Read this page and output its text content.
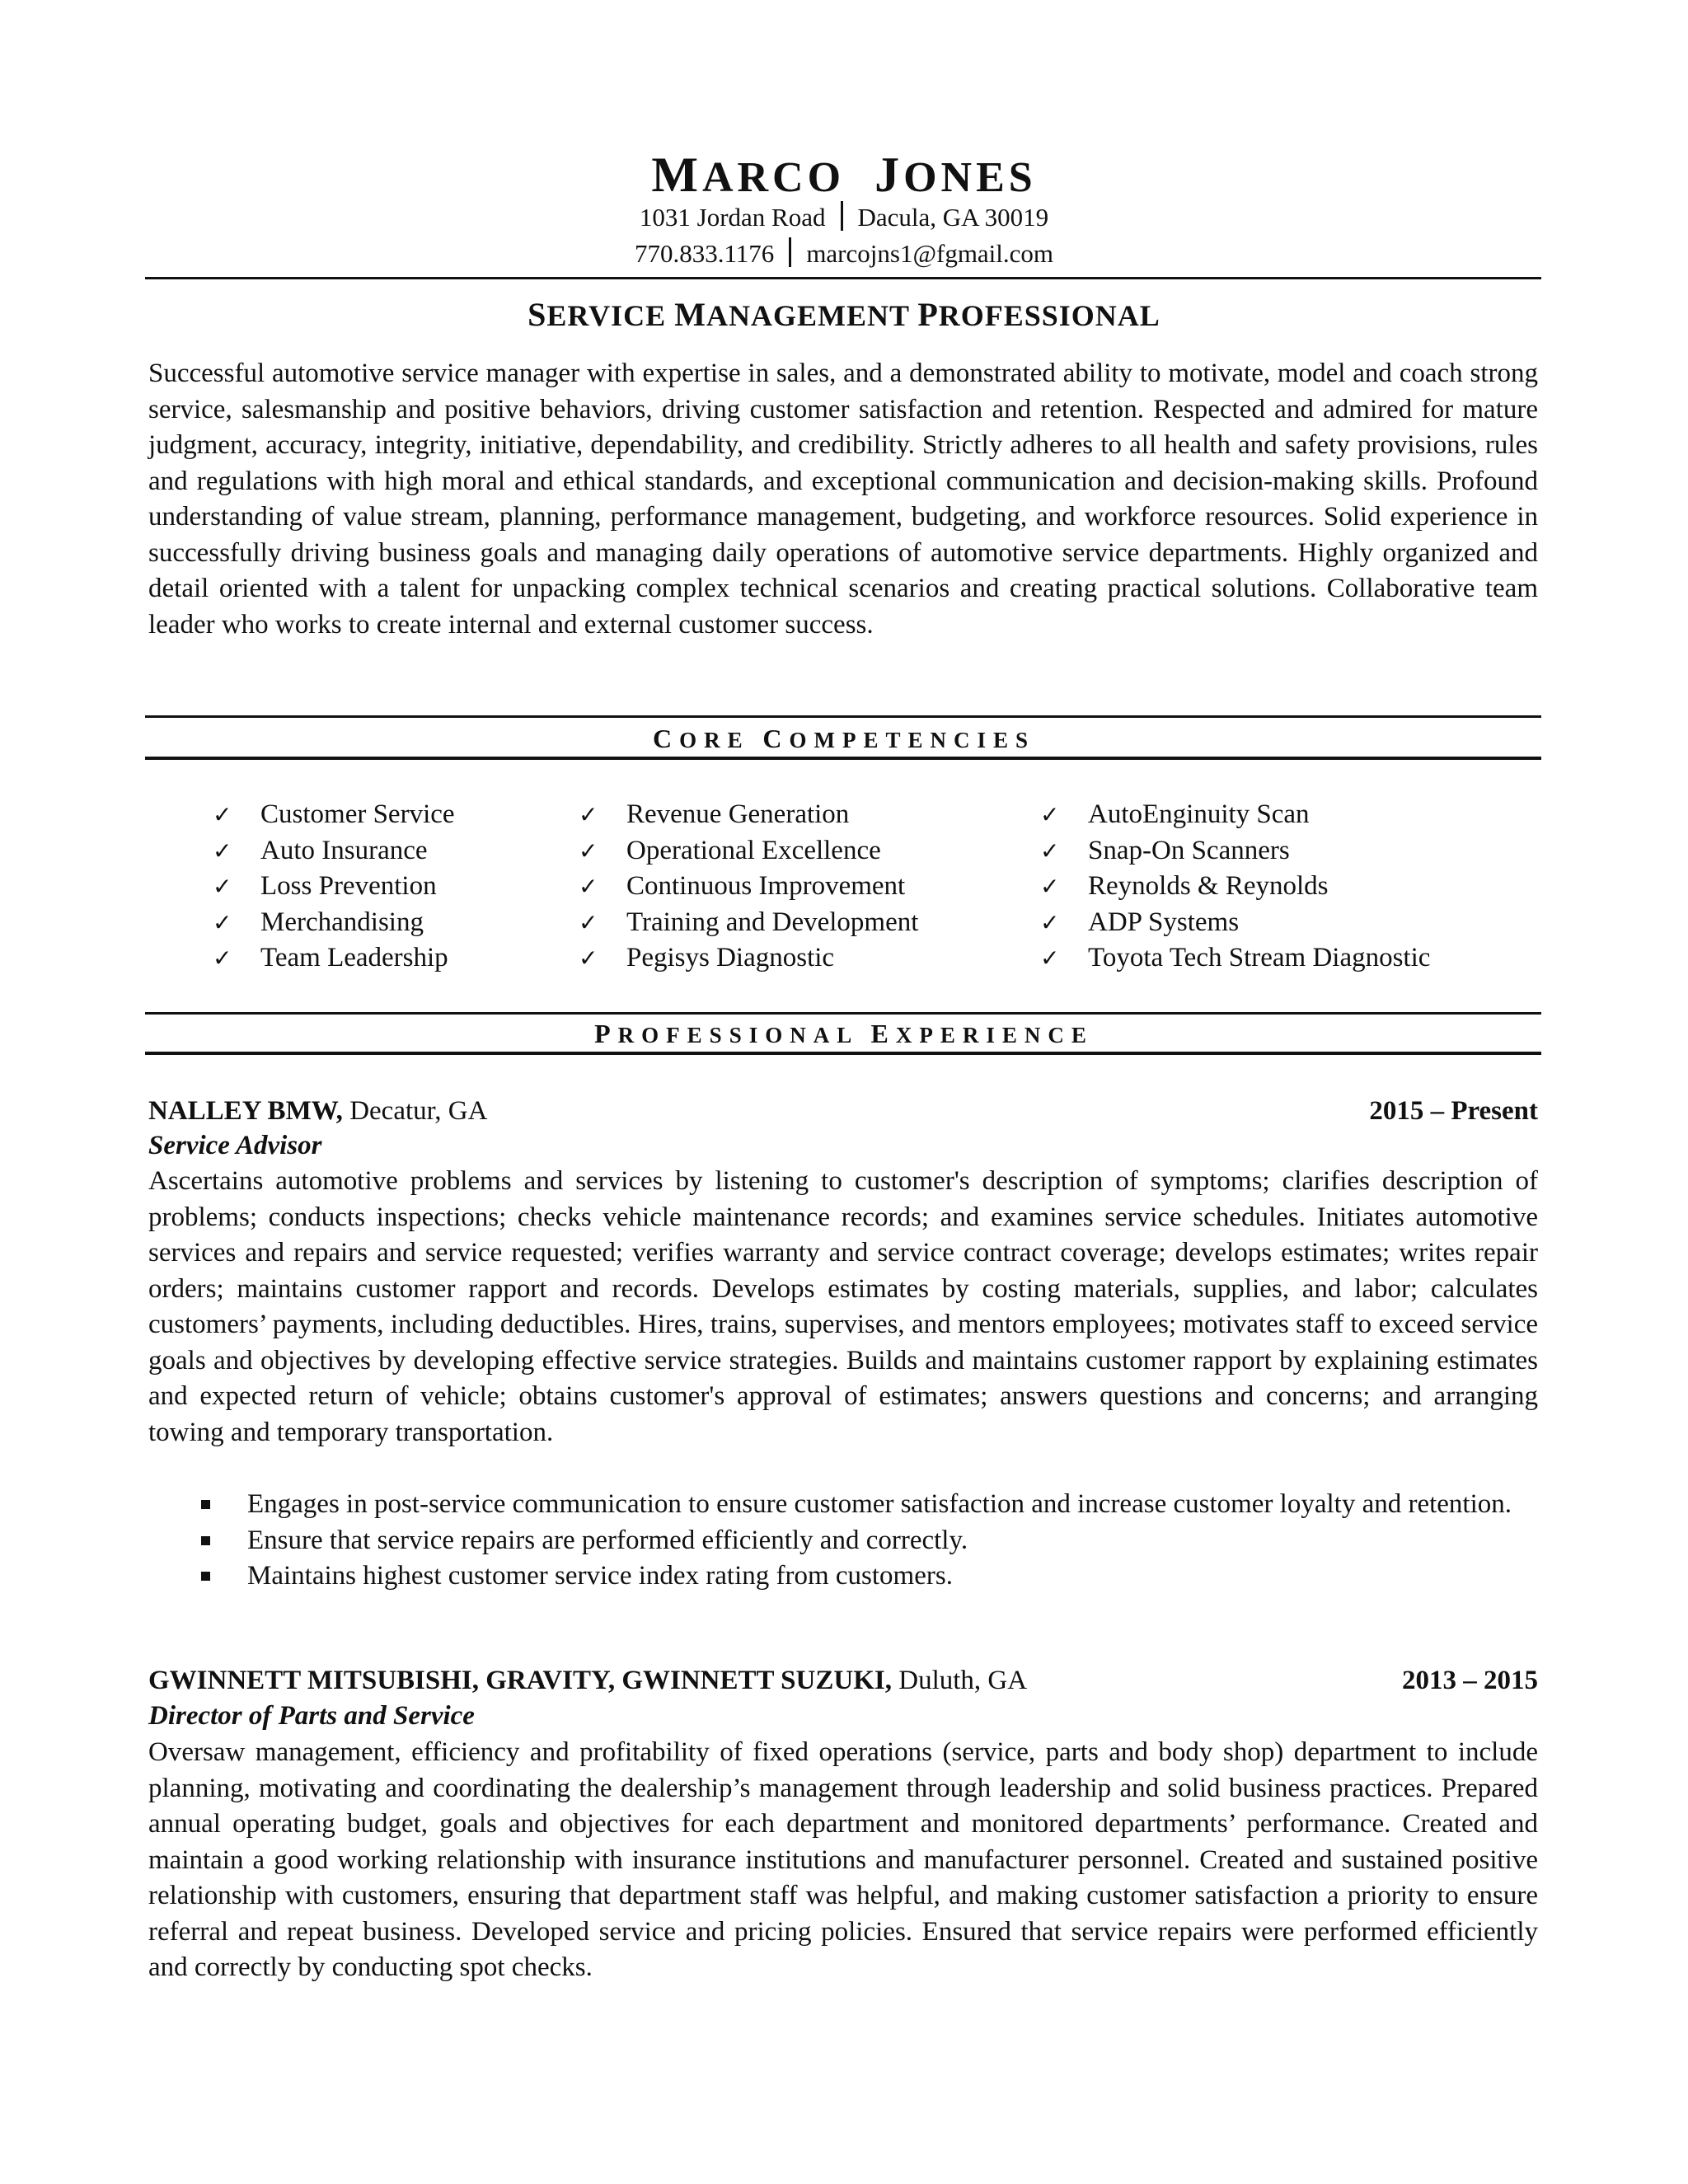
MARCO JONES
1031 Jordan Road Dacula, GA 30019
770.833.1176 marcojns1@fgmail.com
SERVICE MANAGEMENT PROFESSIONAL
Successful automotive service manager with expertise in sales, and a demonstrated ability to motivate, model and coach strong service, salesmanship and positive behaviors, driving customer satisfaction and retention. Respected and admired for mature judgment, accuracy, integrity, initiative, dependability, and credibility. Strictly adheres to all health and safety provisions, rules and regulations with high moral and ethical standards, and exceptional communication and decision-making skills. Profound understanding of value stream, planning, performance management, budgeting, and workforce resources. Solid experience in successfully driving business goals and managing daily operations of automotive service departments. Highly organized and detail oriented with a talent for unpacking complex technical scenarios and creating practical solutions. Collaborative team leader who works to create internal and external customer success.
CORE COMPETENCIES
✓ Customer Service
✓ Auto Insurance
✓ Loss Prevention
✓ Merchandising
✓ Team Leadership
✓ Revenue Generation
✓ Operational Excellence
✓ Continuous Improvement
✓ Training and Development
✓ Pegisys Diagnostic
✓ AutoEnginuity Scan
✓ Snap-On Scanners
✓ Reynolds & Reynolds
✓ ADP Systems
✓ Toyota Tech Stream Diagnostic
PROFESSIONAL EXPERIENCE
NALLEY BMW, Decatur, GA	2015 – Present
Service Advisor
Ascertains automotive problems and services by listening to customer's description of symptoms; clarifies description of problems; conducts inspections; checks vehicle maintenance records; and examines service schedules. Initiates automotive services and repairs and service requested; verifies warranty and service contract coverage; develops estimates; writes repair orders; maintains customer rapport and records. Develops estimates by costing materials, supplies, and labor; calculates customers’ payments, including deductibles. Hires, trains, supervises, and mentors employees; motivates staff to exceed service goals and objectives by developing effective service strategies. Builds and maintains customer rapport by explaining estimates and expected return of vehicle; obtains customer's approval of estimates; answers questions and concerns; and arranging towing and temporary transportation.
Engages in post-service communication to ensure customer satisfaction and increase customer loyalty and retention.
Ensure that service repairs are performed efficiently and correctly.
Maintains highest customer service index rating from customers.
GWINNETT MITSUBISHI, GRAVITY, GWINNETT SUZUKI, Duluth, GA	2013 – 2015
Director of Parts and Service
Oversaw management, efficiency and profitability of fixed operations (service, parts and body shop) department to include planning, motivating and coordinating the dealership’s management through leadership and solid business practices. Prepared annual operating budget, goals and objectives for each department and monitored departments’ performance. Created and maintain a good working relationship with insurance institutions and manufacturer personnel. Created and sustained positive relationship with customers, ensuring that department staff was helpful, and making customer satisfaction a priority to ensure referral and repeat business. Developed service and pricing policies. Ensured that service repairs were performed efficiently and correctly by conducting spot checks.
